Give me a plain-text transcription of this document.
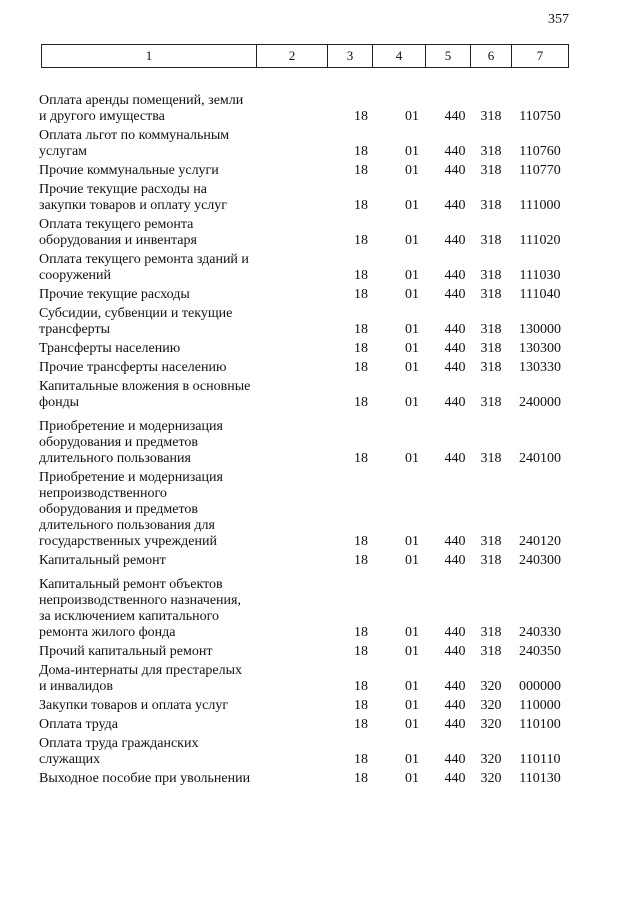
357
1	2	3	4	5	6	7
Оплата аренды помещений, земли
и другого имущества	18	01	440	318	110750
Оплата льгот по коммунальным
услугам	18	01	440	318	110760
Прочие коммунальные услуги	18	01	440	318	110770
Прочие текущие расходы на
закупки товаров и оплату услуг	18	01	440	318	111000
Оплата текущего ремонта
оборудования и инвентаря	18	01	440	318	111020
Оплата текущего ремонта зданий и
сооружений	18	01	440	318	111030
Прочие текущие расходы	18	01	440	318	111040
Субсидии, субвенции и текущие
трансферты	18	01	440	318	130000
Трансферты населению	18	01	440	318	130300
Прочие трансферты населению	18	01	440	318	130330
Капитальные вложения в основные
фонды	18	01	440	318	240000
Приобретение и модернизация
оборудования и предметов
длительного пользования	18	01	440	318	240100
Приобретение и модернизация
непроизводственного
оборудования и предметов
длительного пользования для
государственных учреждений	18	01	440	318	240120
Капитальный ремонт	18	01	440	318	240300
Капитальный ремонт объектов
непроизводственного назначения,
за исключением капитального
ремонта жилого фонда	18	01	440	318	240330
Прочий капитальный ремонт	18	01	440	318	240350
Дома-интернаты для престарелых
и инвалидов	18	01	440	320	000000
Закупки товаров и оплата услуг	18	01	440	320	110000
Оплата труда	18	01	440	320	110100
Оплата труда гражданских
служащих	18	01	440	320	110110
Выходное пособие при увольнении	18	01	440	320	110130
